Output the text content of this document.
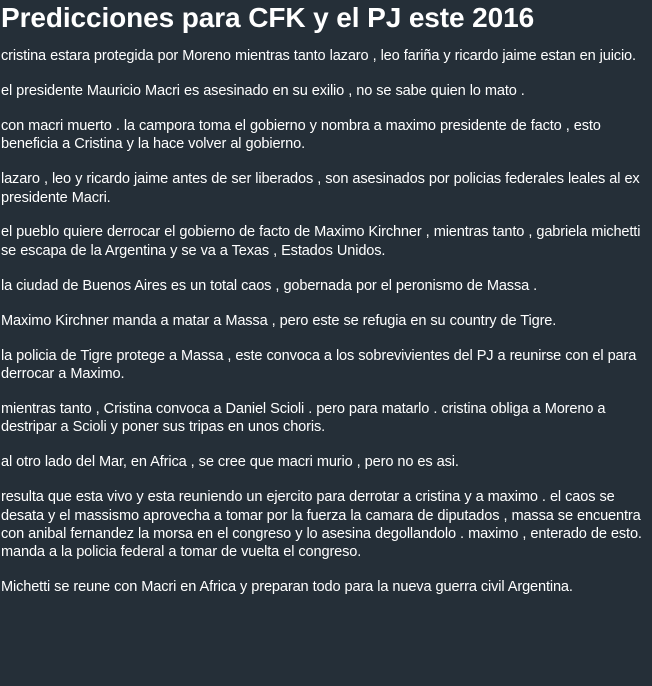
Predicciones para CFK y el PJ este 2016

cristina estara protegida por Moreno mientras tanto lazaro , leo fariña y ricardo jaime estan en juicio.

el presidente Mauricio Macri es asesinado en su exilio , no se sabe quien lo mato .

con macri muerto . la campora toma el gobierno y nombra a maximo presidente de facto , esto beneficia a Cristina y la hace volver al gobierno.

lazaro , leo y ricardo jaime antes de ser liberados , son asesinados por policias federales leales al ex presidente Macri.

el pueblo quiere derrocar el gobierno de facto de Maximo Kirchner , mientras tanto , gabriela michetti se escapa de la Argentina y se va a Texas , Estados Unidos.

la ciudad de Buenos Aires es un total caos , gobernada por el peronismo de Massa .

Maximo Kirchner manda a matar a Massa , pero este se refugia en su country de Tigre.

la policia de Tigre protege a Massa , este convoca a los sobrevivientes del PJ a reunirse con el para derrocar a Maximo.

mientras tanto , Cristina convoca a Daniel Scioli . pero para matarlo . cristina obliga a Moreno a destripar a Scioli y poner sus tripas en unos choris.

al otro lado del Mar, en Africa , se cree que macri murio , pero no es asi.

resulta que esta vivo y esta reuniendo un ejercito para derrotar a cristina y a maximo . el caos se desata y el massismo aprovecha a tomar por la fuerza la camara de diputados , massa se encuentra con anibal fernandez la morsa en el congreso y lo asesina degollandolo . maximo , enterado de esto. manda a la policia federal a tomar de vuelta el congreso.

Michetti se reune con Macri en Africa y preparan todo para la nueva guerra civil Argentina.
